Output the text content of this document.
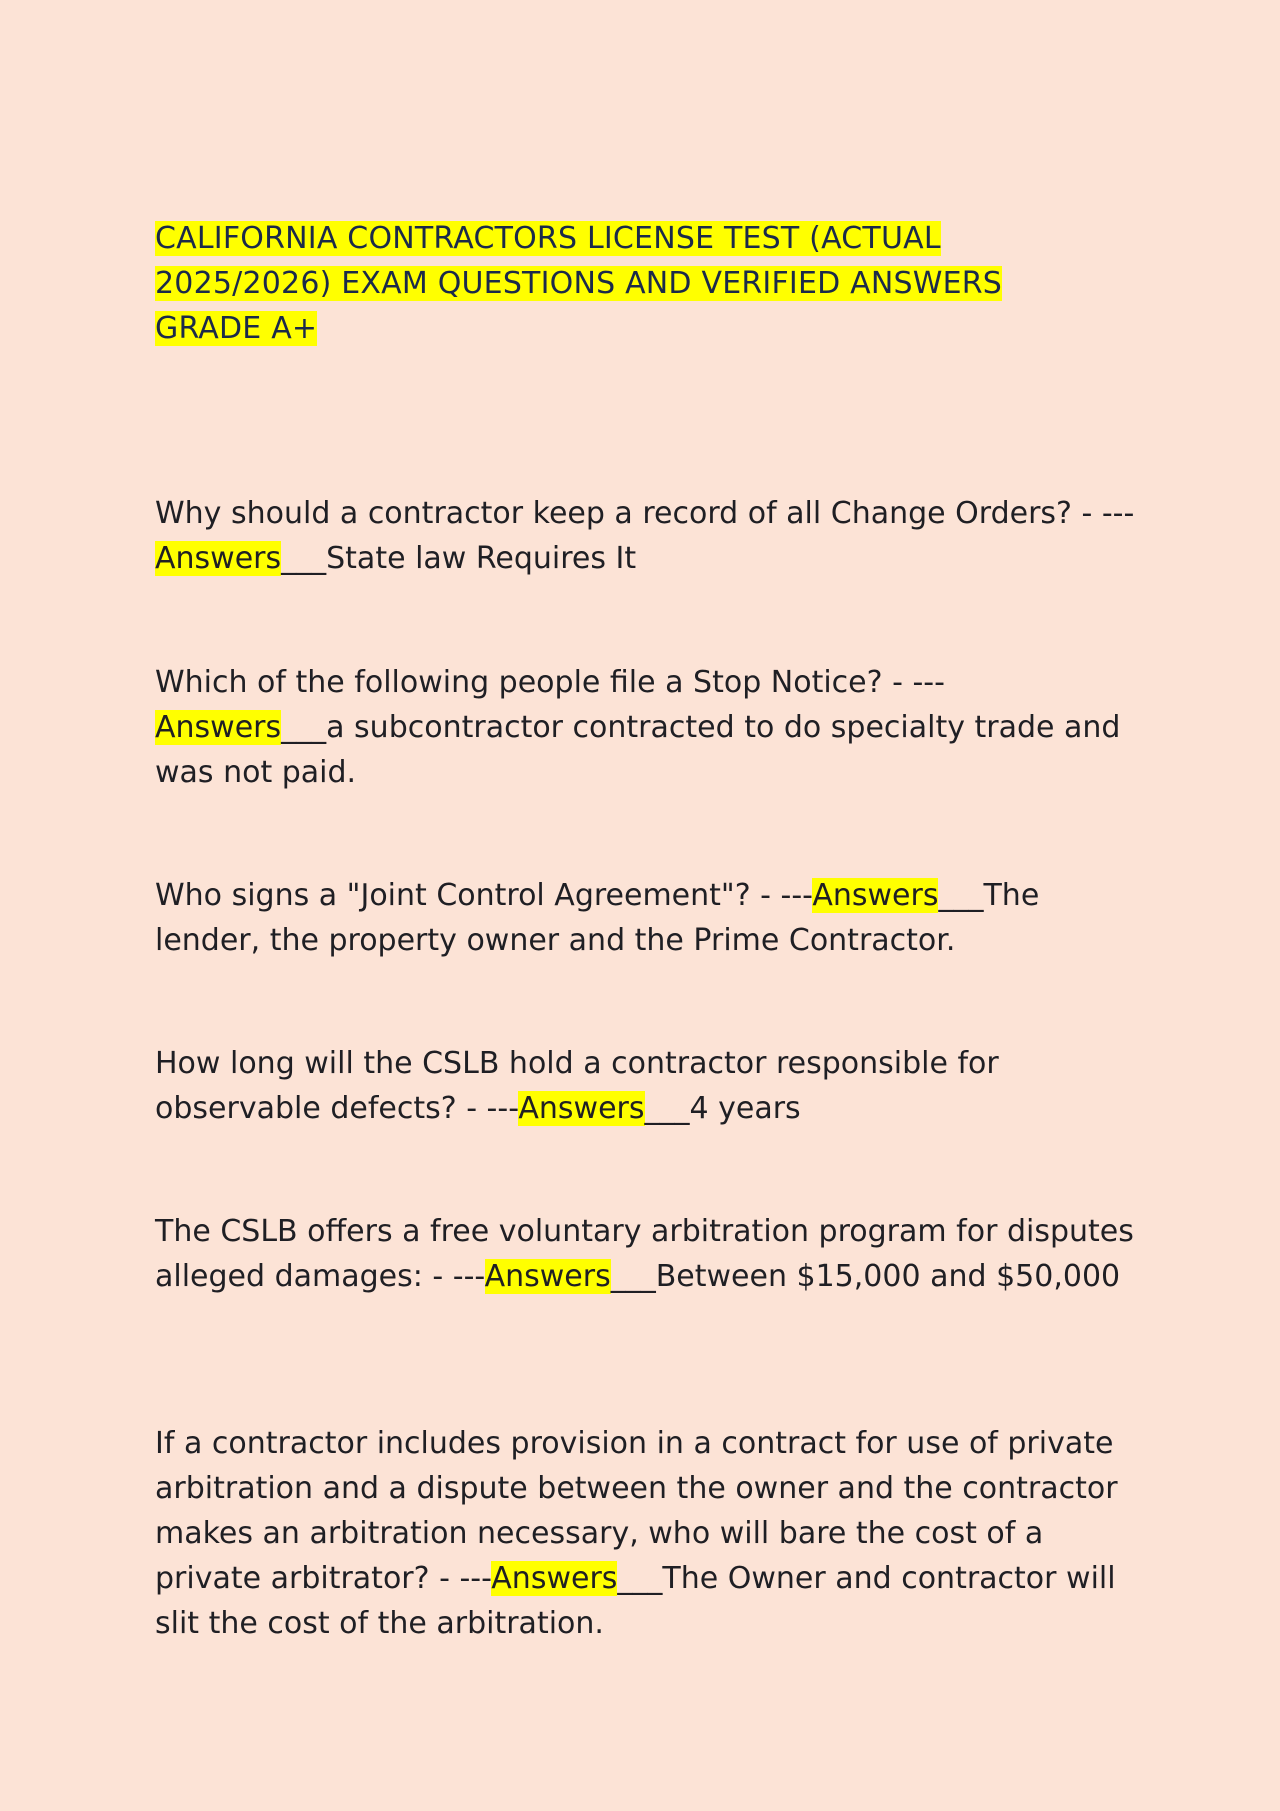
CALIFORNIA CONTRACTORS LICENSE TEST (ACTUAL
2025/2026) EXAM QUESTIONS AND VERIFIED ANSWERS
GRADE A+

Why should a contractor keep a record of all Change Orders? - ---Answers___State law Requires It

Which of the following people file a Stop Notice? - --- Answers___a subcontractor contracted to do specialty trade and was not paid.

Who signs a "Joint Control Agreement"? - ---Answers___The lender, the property owner and the Prime Contractor.

How long will the CSLB hold a contractor responsible for observable defects? - ---Answers___4 years

The CSLB offers a free voluntary arbitration program for disputes alleged damages: - ---Answers___Between $15,000 and $50,000

If a contractor includes provision in a contract for use of private arbitration and a dispute between the owner and the contractor makes an arbitration necessary, who will bare the cost of a private arbitrator? - ---Answers___The Owner and contractor will slit the cost of the arbitration.
